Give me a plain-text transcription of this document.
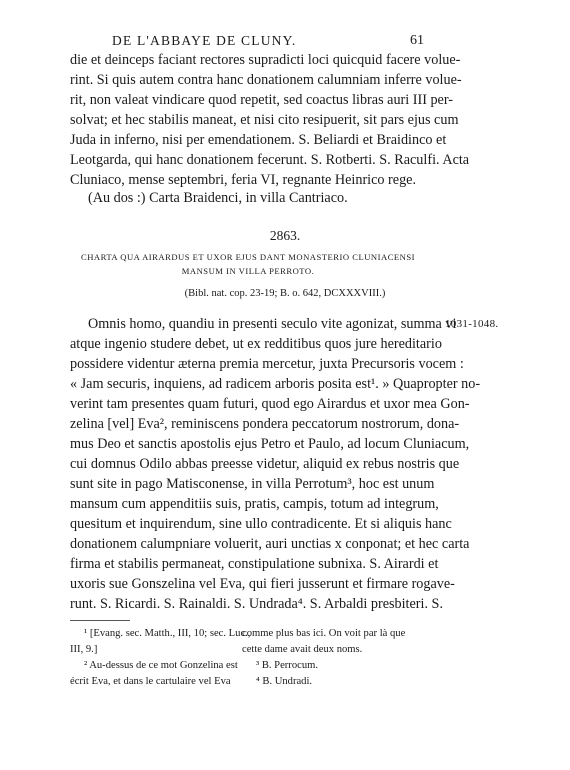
DE L'ABBAYE DE CLUNY.	61
die et deinceps faciant rectores supradicti loci quicquid facere volue-
rint. Si quis autem contra hanc donationem calumniam inferre volue-
rit, non valeat vindicare quod repetit, sed coactus libras auri III per-
solvat; et hec stabilis maneat, et nisi cito resipuerit, sit pars ejus cum
Juda in inferno, nisi per emendationem. S. Beliardi et Braidinco et
Leotgarda, qui hanc donationem fecerunt. S. Rotberti. S. Raculfi. Acta
Cluniaco, mense septembri, feria VI, regnante Heinrico rege.
(Au dos :) Carta Braidenci, in villa Cantriaco.
2863.
CHARTA QUA AIRARDUS ET UXOR EJUS DANT MONASTERIO CLUNIACENSI
MANSUM IN VILLA PERROTO.
(Bibl. nat. cop. 23-19; B. o. 642, DCXXXVIII.)
1031-1048.
Omnis homo, quandiu in presenti seculo vite agonizat, summa vi
atque ingenio studere debet, ut ex redditibus quos jure hereditario
possidere videntur æterna premia mercetur, juxta Precursoris vocem :
« Jam securis, inquiens, ad radicem arboris posita est¹. » Quapropter no-
verint tam presentes quam futuri, quod ego Airardus et uxor mea Gon-
zelina [vel] Eva², reminiscens pondera peccatorum nostrorum, dona-
mus Deo et sanctis apostolis ejus Petro et Paulo, ad locum Cluniacum,
cui domnus Odilo abbas preesse videtur, aliquid ex rebus nostris que
sunt site in pago Matisconense, in villa Perrotum³, hoc est unum
mansum cum appenditiis suis, pratis, campis, totum ad integrum,
quesitum et inquirendum, sine ullo contradicente. Et si aliquis hanc
donationem calumpniare voluerit, auri unctias x conponat; et hec carta
firma et stabilis permaneat, constipulatione subnixa. S. Airardi et
uxoris sue Gonszelina vel Eva, qui fieri jusserunt et firmare rogave-
runt. S. Ricardi. S. Rainaldi. S. Undrada⁴. S. Arbaldi presbiteri. S.
¹ [Evang. sec. Matth., III, 10; sec. Luc.,
III, 9.]
² Au-dessus de ce mot Gonzelina est
écrit Eva, et dans le cartulaire vel Eva
comme plus bas ici. On voit par là que
cette dame avait deux noms.
³ B. Perrocum.
⁴ B. Undradi.
